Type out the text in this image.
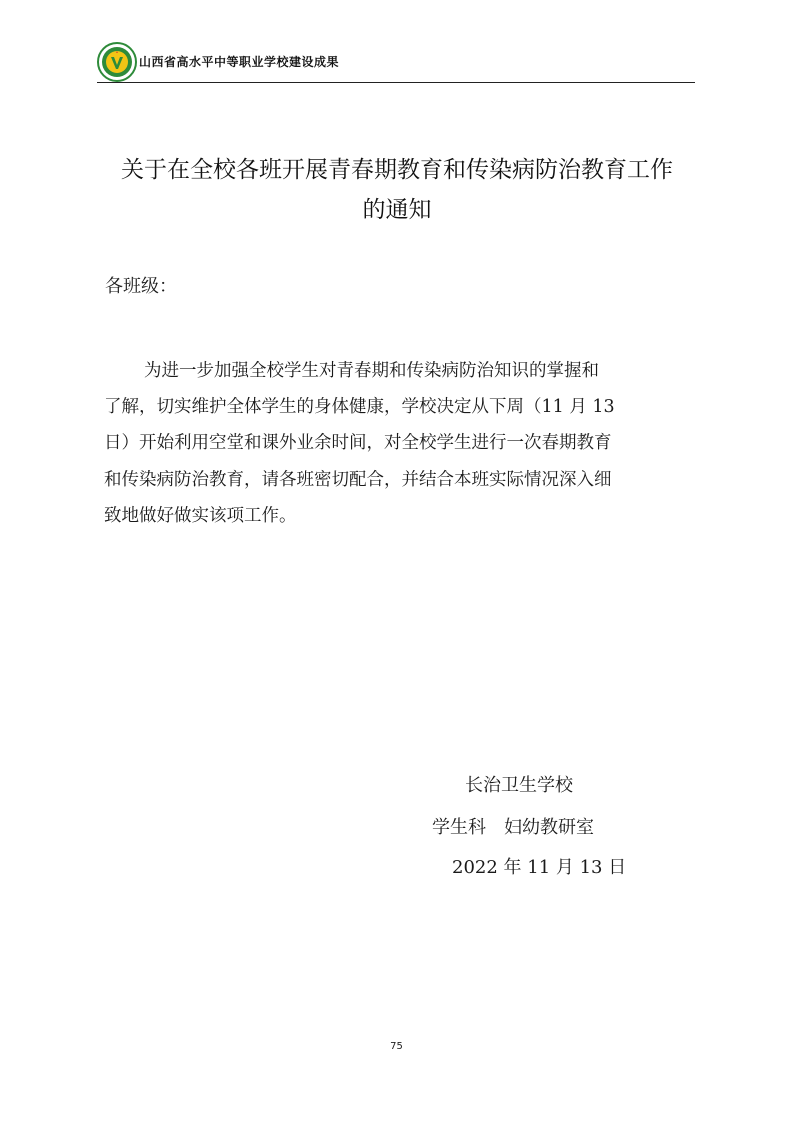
山西省高水平中等职业学校建设成果
关于在全校各班开展青春期教育和传染病防治教育工作
的通知
各班级：
为进一步加强全校学生对青春期和传染病防治知识的掌握和
了解，切实维护全体学生的身体健康，学校决定从下周（11 月 13
日）开始利用空堂和课外业余时间，对全校学生进行一次春期教育
和传染病防治教育，请各班密切配合，并结合本班实际情况深入细
致地做好做实该项工作。
长治卫生学校
学生科　妇幼教研室
2022 年 11 月 13 日
75
